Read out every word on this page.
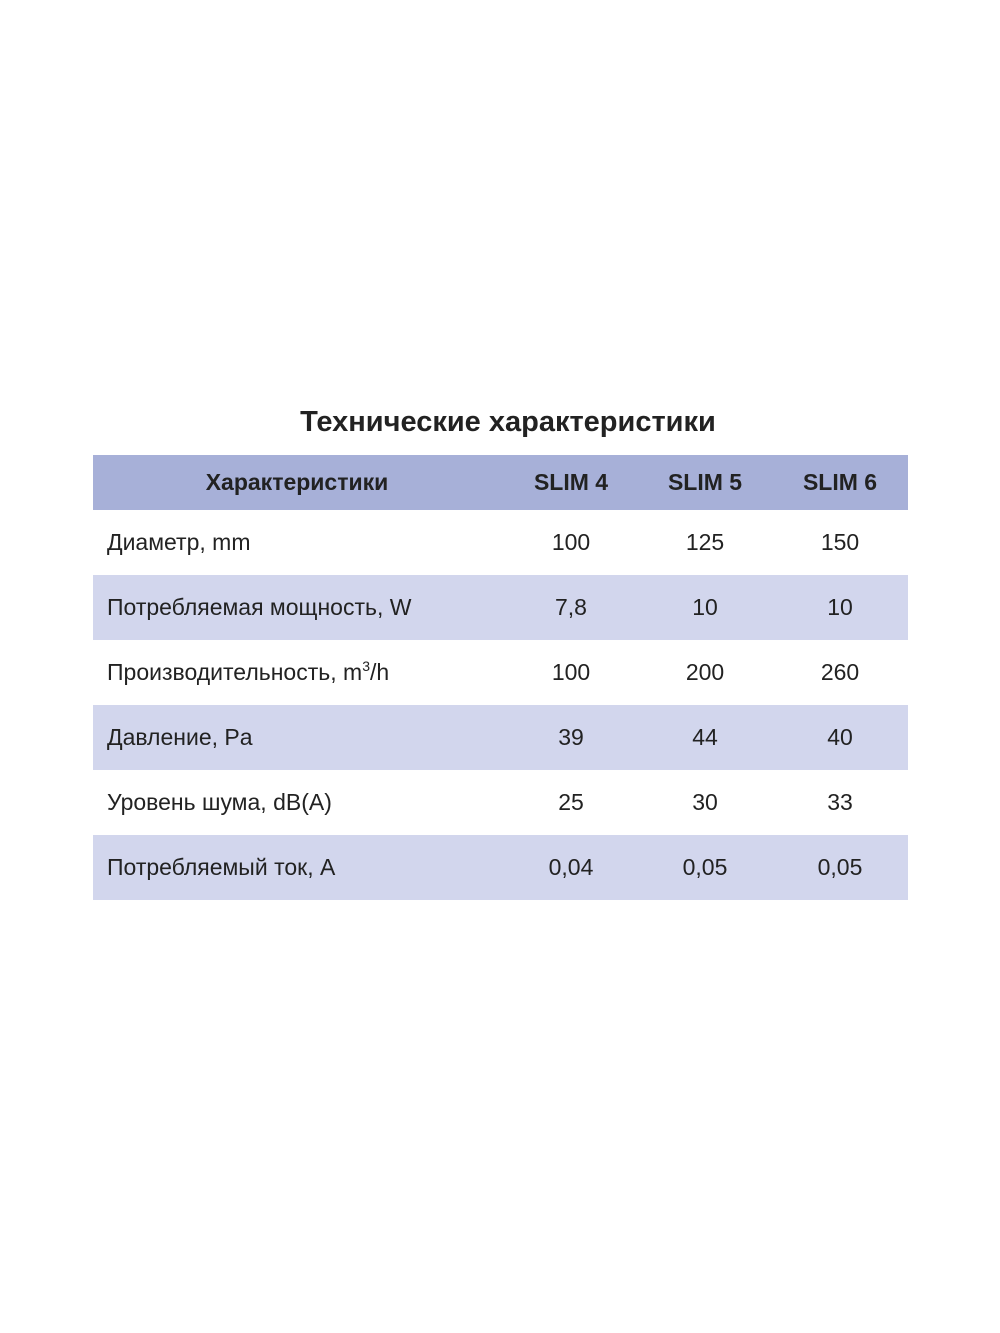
Технические характеристики
Характеристики	SLIM 4	SLIM 5	SLIM 6
Диаметр, mm	100	125	150
Потребляемая мощность, W	7,8	10	10
Производительность, $m^3/h$	100	200	260
Давление, Pa	39	44	40
Уровень шума, dB(A)	25	30	33
Потребляемый ток, A	0,04	0,05	0,05
